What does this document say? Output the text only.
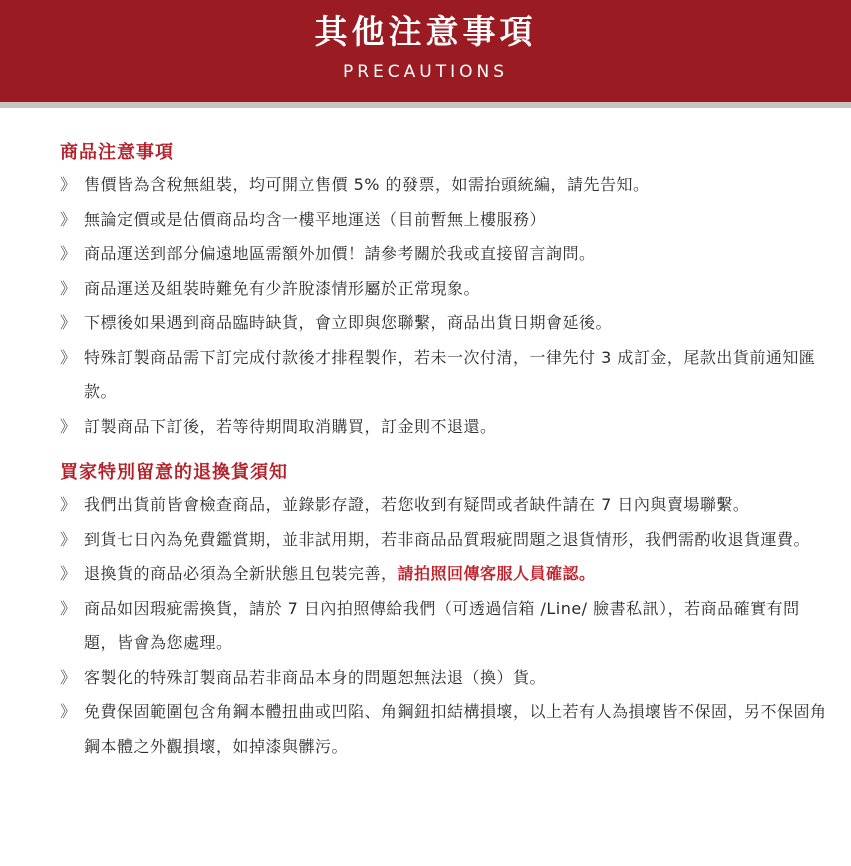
其他注意事項
PRECAUTIONS
商品注意事項
》 售價皆為含稅無組裝，均可開立售價 5% 的發票，如需抬頭統編，請先告知。
》 無論定價或是估價商品均含一樓平地運送（目前暫無上樓服務）
》 商品運送到部分偏遠地區需額外加價！請參考關於我或直接留言詢問。
》 商品運送及組裝時難免有少許脫漆情形屬於正常現象。
》 下標後如果遇到商品臨時缺貨，會立即與您聯繫，商品出貨日期會延後。
》 特殊訂製商品需下訂完成付款後才排程製作，若未一次付清，一律先付 3 成訂金，尾款出貨前通知匯款。
》 訂製商品下訂後，若等待期間取消購買，訂金則不退還。
買家特別留意的退換貨須知
》 我們出貨前皆會檢查商品，並錄影存證，若您收到有疑問或者缺件請在 7 日內與賣場聯繫。
》 到貨七日內為免費鑑賞期，並非試用期，若非商品品質瑕疵問題之退貨情形，我們需酌收退貨運費。
》 退換貨的商品必須為全新狀態且包裝完善，請拍照回傳客服人員確認。
》 商品如因瑕疵需換貨，請於 7 日內拍照傳給我們（可透過信箱 /Line/ 臉書私訊），若商品確實有問題，皆會為您處理。
》 客製化的特殊訂製商品若非商品本身的問題恕無法退（換）貨。
》 免費保固範圍包含角鋼本體扭曲或凹陷、角鋼鈕扣結構損壞，以上若有人為損壞皆不保固，另不保固角鋼本體之外觀損壞，如掉漆與髒污。
